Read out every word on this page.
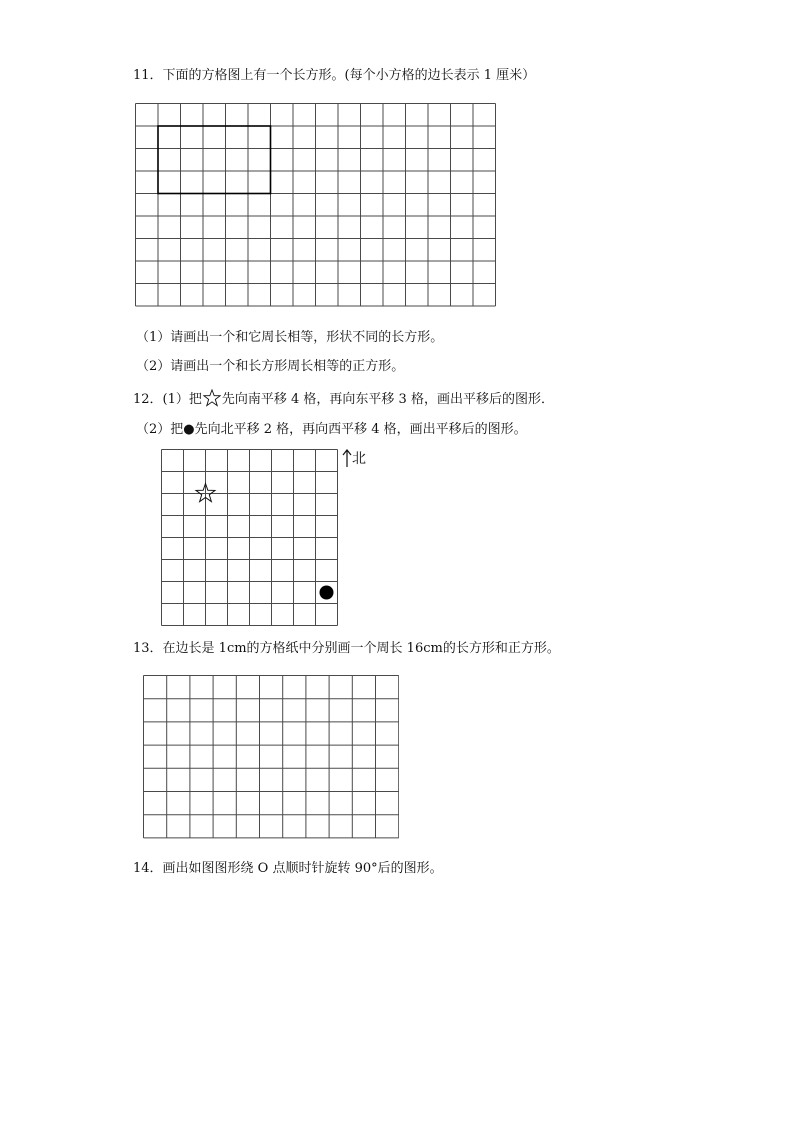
11．下面的方格图上有一个长方形。(每个小方格的边长表示 1 厘米）
（1）请画出一个和它周长相等，形状不同的长方形。
（2）请画出一个和长方形周长相等的正方形。
12．(1）把 先向南平移 4 格，再向东平移 3 格，画出平移后的图形．
（2）把●先向北平移 2 格，再向西平移 4 格，画出平移后的图形。
北
13．在边长是 1cm的方格纸中分别画一个周长 16cm的长方形和正方形。
14．画出如图图形绕 O 点顺时针旋转 90°后的图形。
